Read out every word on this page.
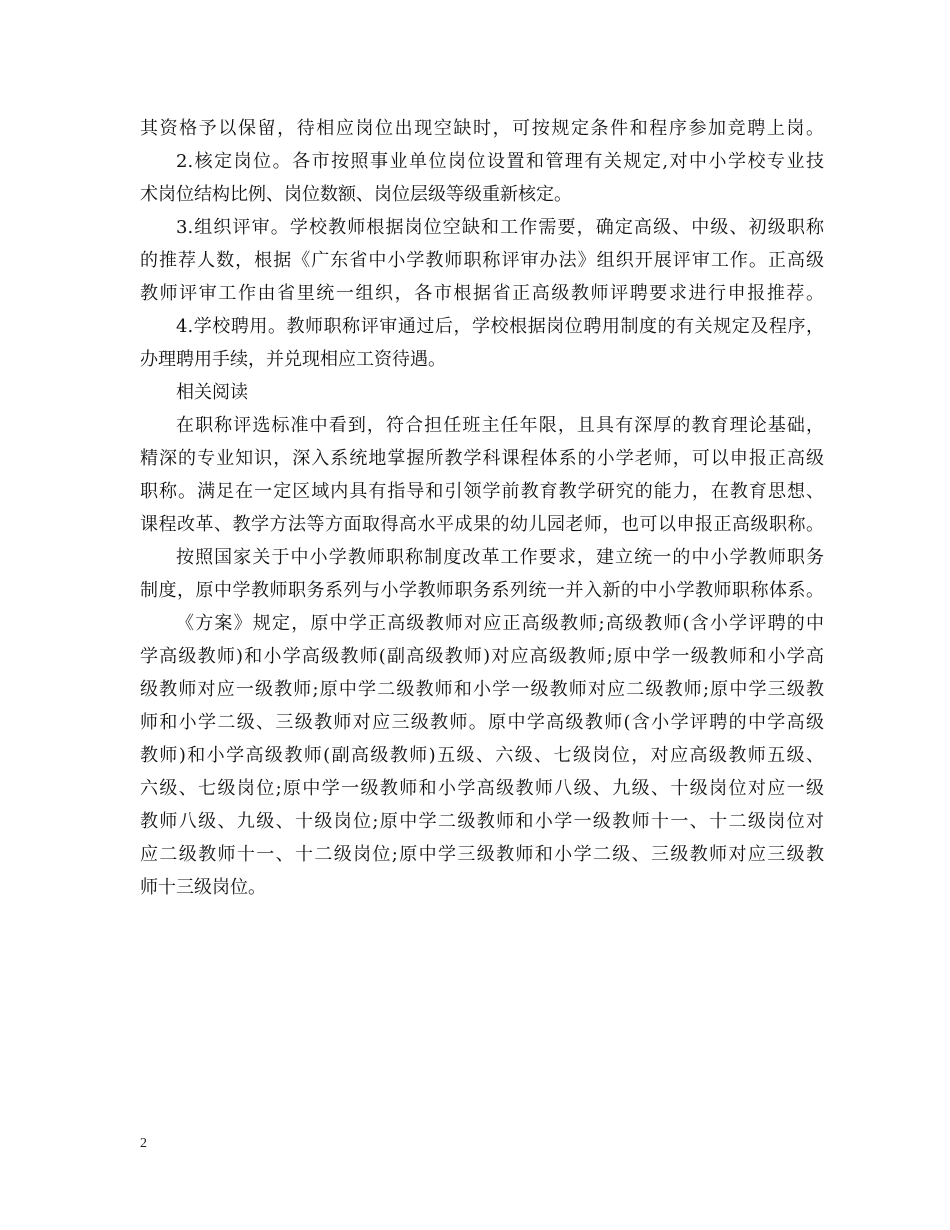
其资格予以保留，待相应岗位出现空缺时，可按规定条件和程序参加竞聘上岗。
2.核定岗位。各市按照事业单位岗位设置和管理有关规定,对中小学校专业技
术岗位结构比例、岗位数额、岗位层级等级重新核定。
3.组织评审。学校教师根据岗位空缺和工作需要，确定高级、中级、初级职称
的推荐人数，根据《广东省中小学教师职称评审办法》组织开展评审工作。正高级
教师评审工作由省里统一组织，各市根据省正高级教师评聘要求进行申报推荐。
4.学校聘用。教师职称评审通过后，学校根据岗位聘用制度的有关规定及程序，
办理聘用手续，并兑现相应工资待遇。
相关阅读
在职称评选标准中看到，符合担任班主任年限，且具有深厚的教育理论基础，
精深的专业知识，深入系统地掌握所教学科课程体系的小学老师，可以申报正高级
职称。满足在一定区域内具有指导和引领学前教育教学研究的能力，在教育思想、
课程改革、教学方法等方面取得高水平成果的幼儿园老师，也可以申报正高级职称。
按照国家关于中小学教师职称制度改革工作要求，建立统一的中小学教师职务
制度，原中学教师职务系列与小学教师职务系列统一并入新的中小学教师职称体系。
《方案》规定，原中学正高级教师对应正高级教师;高级教师(含小学评聘的中
学高级教师)和小学高级教师(副高级教师)对应高级教师;原中学一级教师和小学高
级教师对应一级教师;原中学二级教师和小学一级教师对应二级教师;原中学三级教
师和小学二级、三级教师对应三级教师。原中学高级教师(含小学评聘的中学高级
教师)和小学高级教师(副高级教师)五级、六级、七级岗位，对应高级教师五级、
六级、七级岗位;原中学一级教师和小学高级教师八级、九级、十级岗位对应一级
教师八级、九级、十级岗位;原中学二级教师和小学一级教师十一、十二级岗位对
应二级教师十一、十二级岗位;原中学三级教师和小学二级、三级教师对应三级教
师十三级岗位。
2
